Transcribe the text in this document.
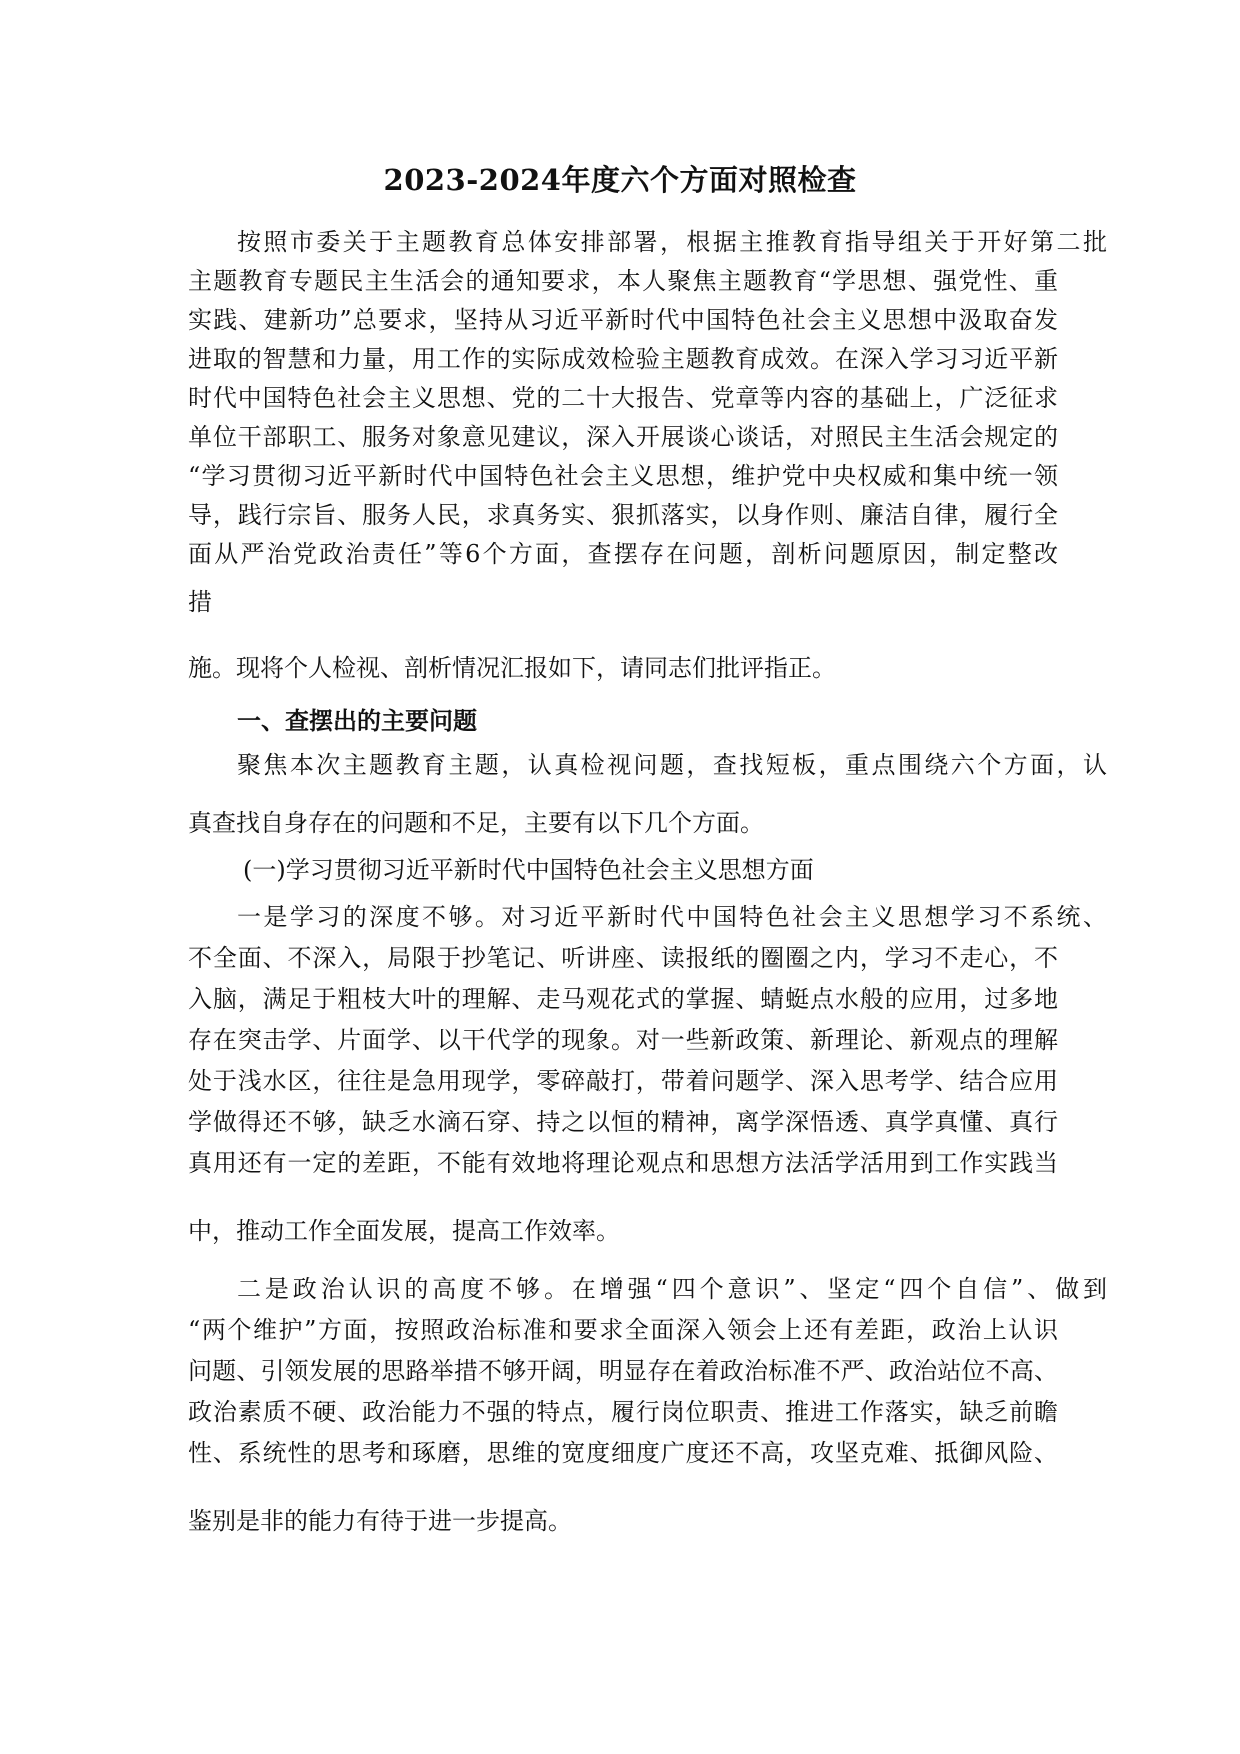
2023-2024年度六个方面对照检查
按照市委关于主题教育总体安排部署，根据主推教育指导组关于开好第二批
主题教育专题民主生活会的通知要求，本人聚焦主题教育“学思想、强党性、重
实践、建新功”总要求，坚持从习近平新时代中国特色社会主义思想中汲取奋发
进取的智慧和力量，用工作的实际成效检验主题教育成效。在深入学习习近平新
时代中国特色社会主义思想、党的二十大报告、党章等内容的基础上，广泛征求
单位干部职工、服务对象意见建议，深入开展谈心谈话，对照民主生活会规定的
“学习贯彻习近平新时代中国特色社会主义思想，维护党中央权威和集中统一领
导，践行宗旨、服务人民，求真务实、狠抓落实，以身作则、廉洁自律，履行全
面从严治党政治责任”等6个方面，查摆存在问题，剖析问题原因，制定整改
措
施。现将个人检视、剖析情况汇报如下，请同志们批评指正。
一、查摆出的主要问题
聚焦本次主题教育主题，认真检视问题，查找短板，重点围绕六个方面，认
真查找自身存在的问题和不足，主要有以下几个方面。
(一)学习贯彻习近平新时代中国特色社会主义思想方面
一是学习的深度不够。对习近平新时代中国特色社会主义思想学习不系统、
不全面、不深入，局限于抄笔记、听讲座、读报纸的圈圈之内，学习不走心，不
入脑，满足于粗枝大叶的理解、走马观花式的掌握、蜻蜓点水般的应用，过多地
存在突击学、片面学、以干代学的现象。对一些新政策、新理论、新观点的理解
处于浅水区，往往是急用现学，零碎敲打，带着问题学、深入思考学、结合应用
学做得还不够，缺乏水滴石穿、持之以恒的精神，离学深悟透、真学真懂、真行
真用还有一定的差距，不能有效地将理论观点和思想方法活学活用到工作实践当
中，推动工作全面发展，提高工作效率。
二是政治认识的高度不够。在增强“四个意识”、坚定“四个自信”、做到
“两个维护”方面，按照政治标准和要求全面深入领会上还有差距，政治上认识
问题、引领发展的思路举措不够开阔，明显存在着政治标准不严、政治站位不高、
政治素质不硬、政治能力不强的特点，履行岗位职责、推进工作落实，缺乏前瞻
性、系统性的思考和琢磨，思维的宽度细度广度还不高，攻坚克难、抵御风险、
鉴别是非的能力有待于进一步提高。
